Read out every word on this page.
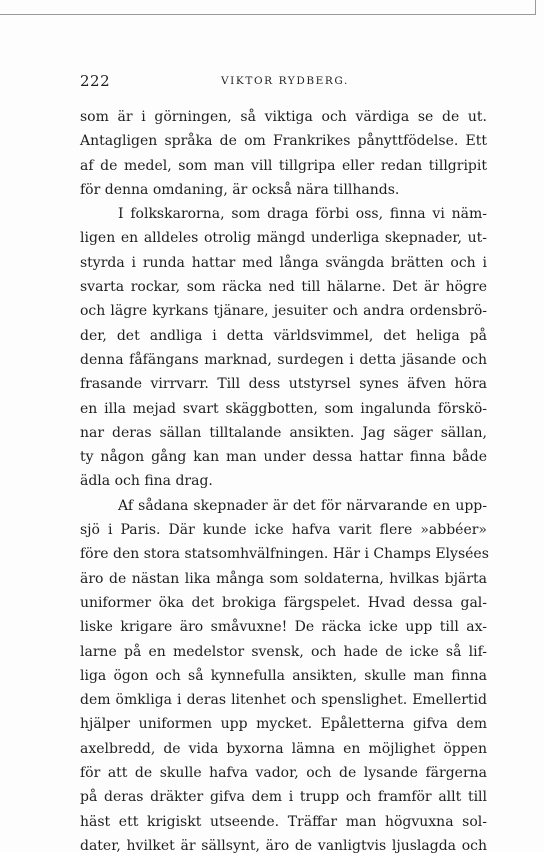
222	VIKTOR RYDBERG.
som är i görningen, så viktiga och värdiga se de ut.
Antagligen språka de om Frankrikes pånyttfödelse. Ett
af de medel, som man vill tillgripa eller redan tillgripit
för denna omdaning, är också nära tillhands.
I folkskarorna, som draga förbi oss, finna vi näm-
ligen en alldeles otrolig mängd underliga skepnader, ut-
styrda i runda hattar med långa svängda brätten och i
svarta rockar, som räcka ned till hälarne. Det är högre
och lägre kyrkans tjänare, jesuiter och andra ordensbrö-
der, det andliga i detta världsvimmel, det heliga på
denna fåfängans marknad, surdegen i detta jäsande och
frasande virrvarr. Till dess utstyrsel synes äfven höra
en illa mejad svart skäggbotten, som ingalunda förskö-
nar deras sällan tilltalande ansikten. Jag säger sällan,
ty någon gång kan man under dessa hattar finna både
ädla och fina drag.
Af sådana skepnader är det för närvarande en upp-
sjö i Paris. Där kunde icke hafva varit flere »abbéer»
före den stora statsomhvälfningen. Här i Champs Elysées
äro de nästan lika många som soldaterna, hvilkas bjärta
uniformer öka det brokiga färgspelet. Hvad dessa gal-
liske krigare äro småvuxne! De räcka icke upp till ax-
larne på en medelstor svensk, och hade de icke så lif-
liga ögon och så kynnefulla ansikten, skulle man finna
dem ömkliga i deras litenhet och spenslighet. Emellertid
hjälper uniformen upp mycket. Epåletterna gifva dem
axelbredd, de vida byxorna lämna en möjlighet öppen
för att de skulle hafva vador, och de lysande färgerna
på deras dräkter gifva dem i trupp och framför allt till
häst ett krigiskt utseende. Träffar man högvuxna sol-
dater, hvilket är sällsynt, äro de vanligtvis ljuslagda och
